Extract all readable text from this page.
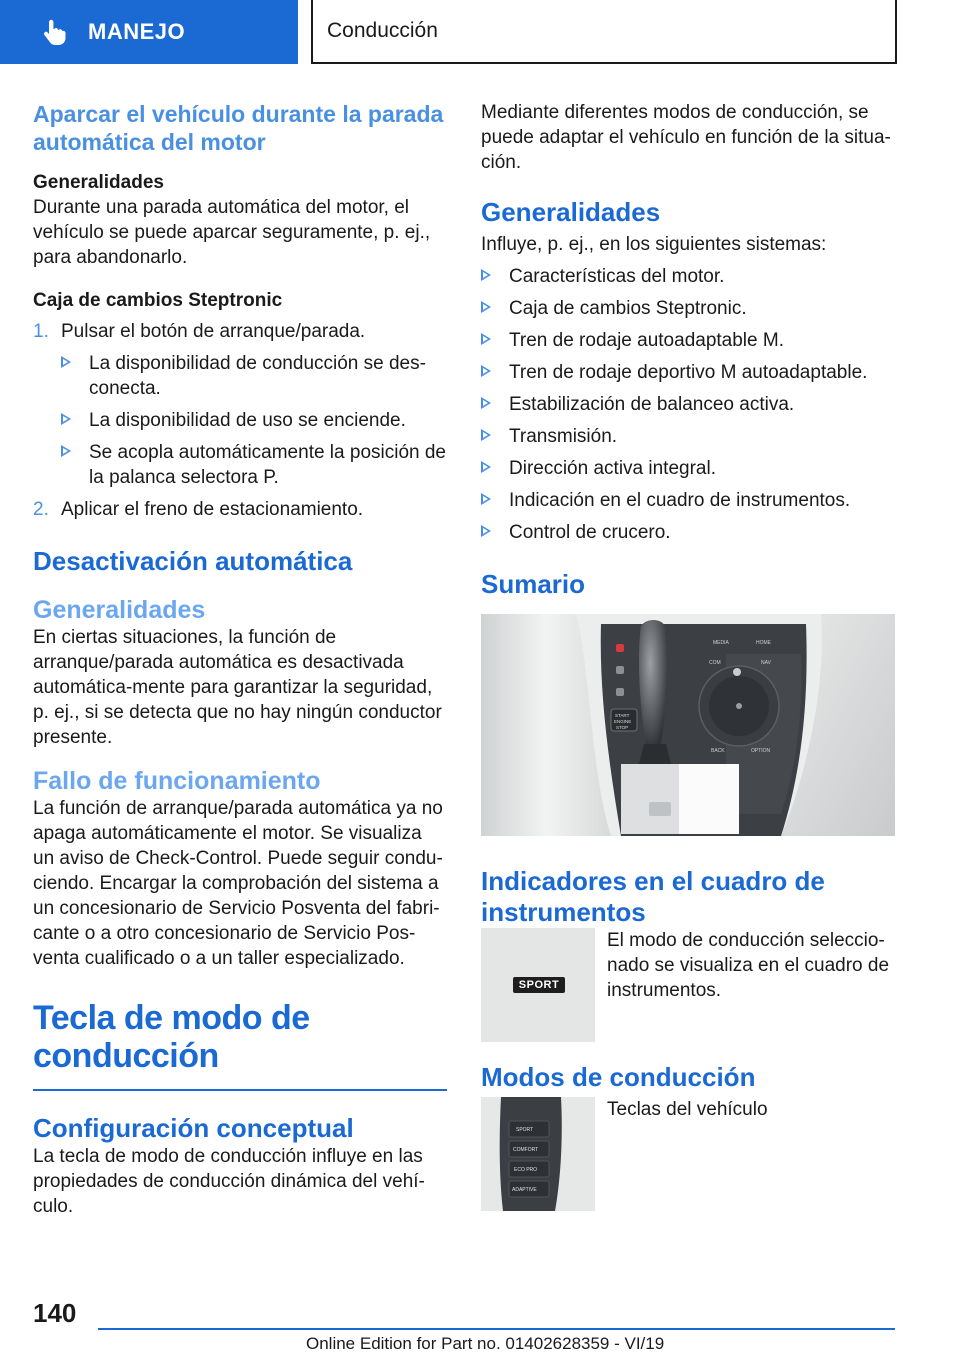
MANEJO	Conducción
Aparcar el vehículo durante la parada automática del motor
Generalidades

Durante una parada automática del motor, el vehículo se puede aparcar seguramente, p. ej., para abandonarlo.

Caja de cambios Steptronic
1. Pulsar el botón de arranque/parada.
La disponibilidad de conducción se des-conecta.
La disponibilidad de uso se enciende.
Se acopla automáticamente la posición de la palanca selectora P.
2. Aplicar el freno de estacionamiento.
Desactivación automática
Generalidades

En ciertas situaciones, la función de arranque/parada automática es desactivada automática-mente para garantizar la seguridad, p. ej., si se detecta que no hay ningún conductor presente.

Fallo de funcionamiento

La función de arranque/parada automática ya no apaga automáticamente el motor. Se visualiza un aviso de Check-Control. Puede seguir condu-ciendo. Encargar la comprobación del sistema a un concesionario de Servicio Posventa del fabri-cante o a otro concesionario de Servicio Pos-venta cualificado o a un taller especializado.

Tecla de modo de conducción
Configuración conceptual

La tecla de modo de conducción influye en las propiedades de conducción dinámica del vehí-culo.

Mediante diferentes modos de conducción, se puede adaptar el vehículo en función de la situa-ción.

Generalidades

Influye, p. ej., en los siguientes sistemas:

Características del motor.
Caja de cambios Steptronic.
Tren de rodaje autoadaptable M.
Tren de rodaje deportivo M autoadaptable.
Estabilización de balanceo activa.
Transmisión.
Dirección activa integral.
Indicación en el cuadro de instrumentos.
Control de crucero.
Sumario
MEDIA	HOME
COM	NAV
BACK	OPTION
START
ENGINE
STOP
Indicadores en el cuadro de instrumentos
SPORT

El modo de conducción seleccio-nado se visualiza en el cuadro de instrumentos.

Modos de conducción
SPORT
COMFORT
ECO PRO
ADAPTIVE

Teclas del vehículo

140
Online Edition for Part no. 01402628359 - VI/19
